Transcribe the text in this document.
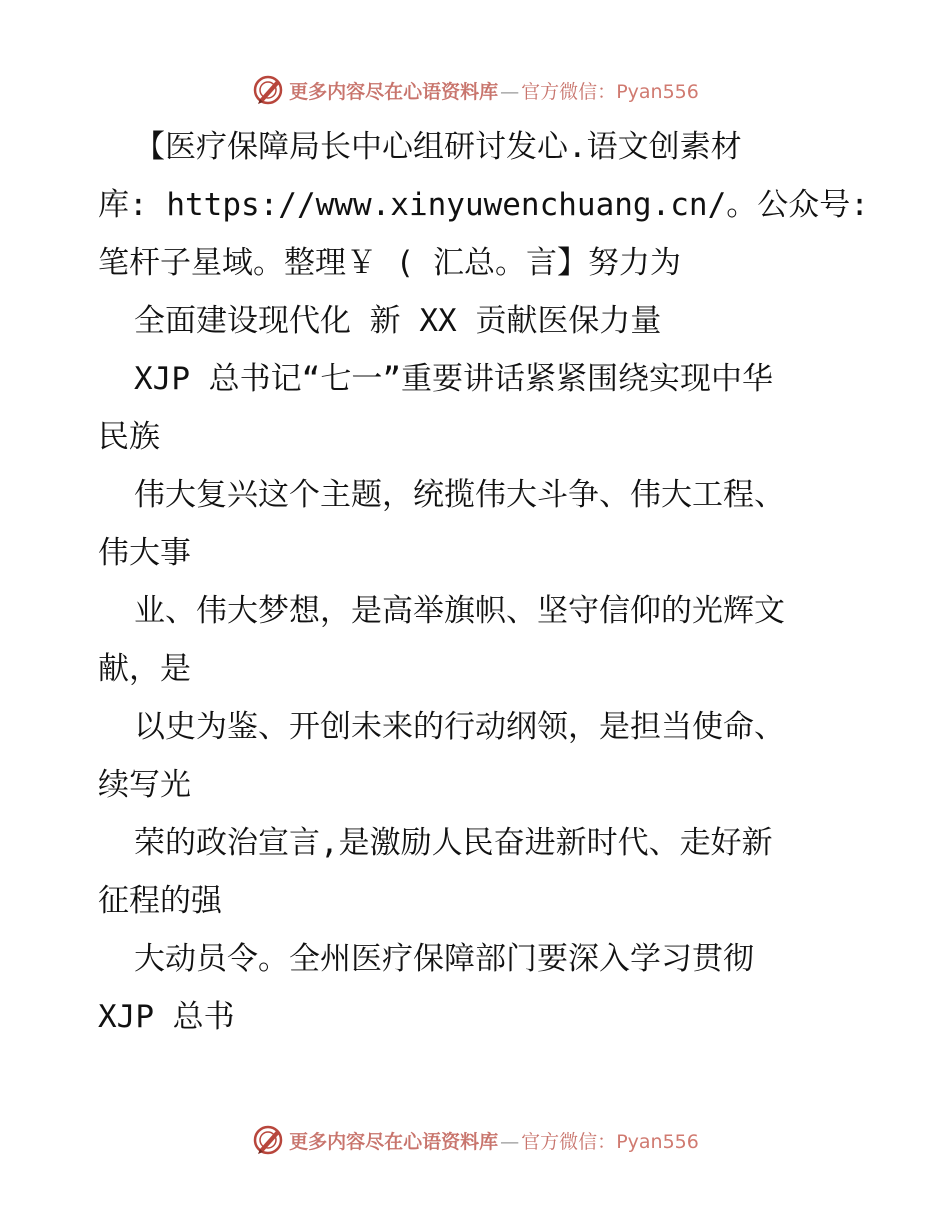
更多内容尽在心语资料库 — 官方微信：Pyan556
【医疗保障局长中心组研讨发心.语文创素材
库: https://www.xinyuwenchuang.cn/。公众号:
笔杆子星域。整理￥ ( 汇总。言】努力为
全面建设现代化 新 XX 贡献医保力量
XJP 总书记“七一”重要讲话紧紧围绕实现中华
民族
伟大复兴这个主题，统揽伟大斗争、伟大工程、
伟大事
业、伟大梦想，是高举旗帜、坚守信仰的光辉文
献，是
以史为鉴、开创未来的行动纲领，是担当使命、
续写光
荣的政治宣言,是激励人民奋进新时代、走好新
征程的强
大动员令。全州医疗保障部门要深入学习贯彻
XJP 总书
更多内容尽在心语资料库 — 官方微信：Pyan556
